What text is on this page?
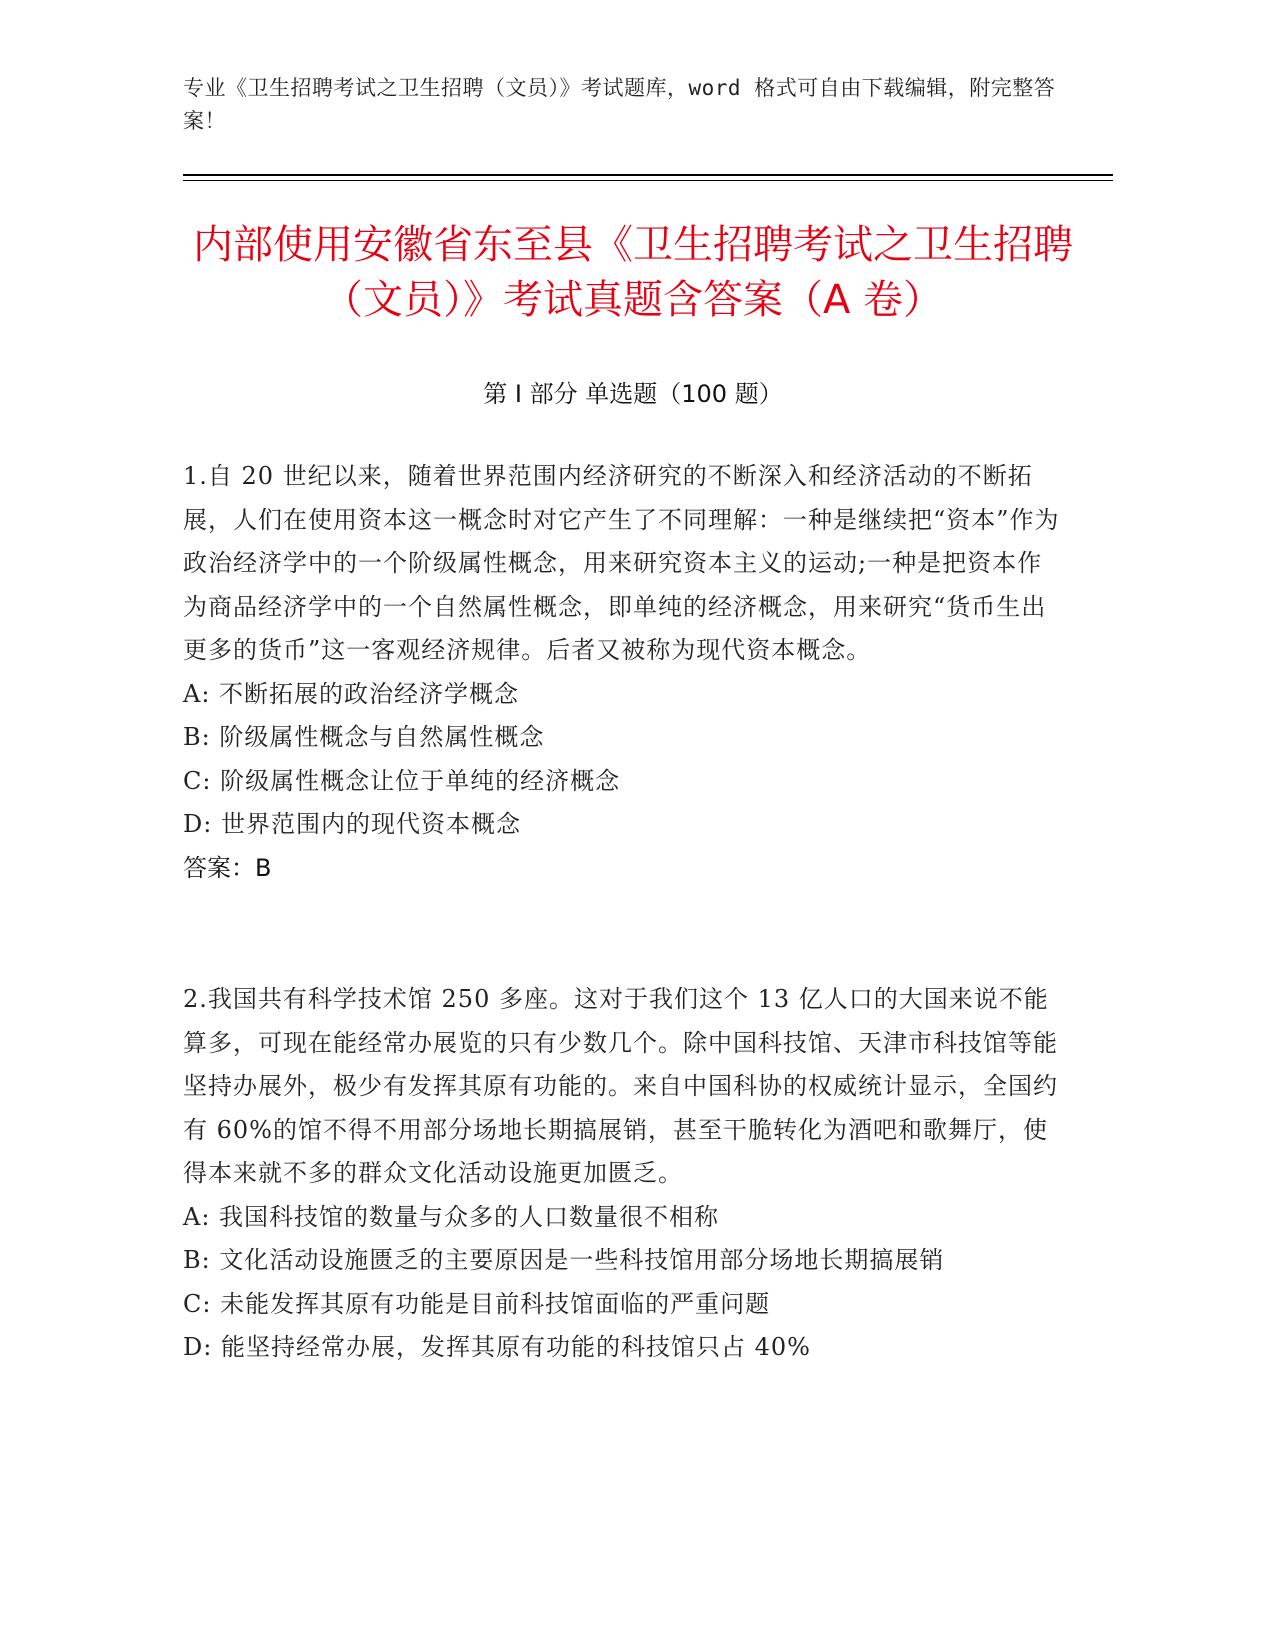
专业《卫生招聘考试之卫生招聘（文员）》考试题库，word 格式可自由下载编辑，附完整答案！
内部使用安徽省东至县《卫生招聘考试之卫生招聘（文员）》考试真题含答案（A 卷）
第 I 部分 单选题（100 题）

1.自 20 世纪以来，随着世界范围内经济研究的不断深入和经济活动的不断拓展，人们在使用资本这一概念时对它产生了不同理解：一种是继续把“资本”作为政治经济学中的一个阶级属性概念，用来研究资本主义的运动;一种是把资本作为商品经济学中的一个自然属性概念，即单纯的经济概念，用来研究“货币生出更多的货币”这一客观经济规律。后者又被称为现代资本概念。

A: 不断拓展的政治经济学概念

B: 阶级属性概念与自然属性概念

C: 阶级属性概念让位于单纯的经济概念

D: 世界范围内的现代资本概念

答案：B

2.我国共有科学技术馆 250 多座。这对于我们这个 13 亿人口的大国来说不能算多，可现在能经常办展览的只有少数几个。除中国科技馆、天津市科技馆等能坚持办展外，极少有发挥其原有功能的。来自中国科协的权威统计显示，全国约有 60%的馆不得不用部分场地长期搞展销，甚至干脆转化为酒吧和歌舞厅，使得本来就不多的群众文化活动设施更加匮乏。

A: 我国科技馆的数量与众多的人口数量很不相称

B: 文化活动设施匮乏的主要原因是一些科技馆用部分场地长期搞展销

C: 未能发挥其原有功能是目前科技馆面临的严重问题

D: 能坚持经常办展，发挥其原有功能的科技馆只占 40%
